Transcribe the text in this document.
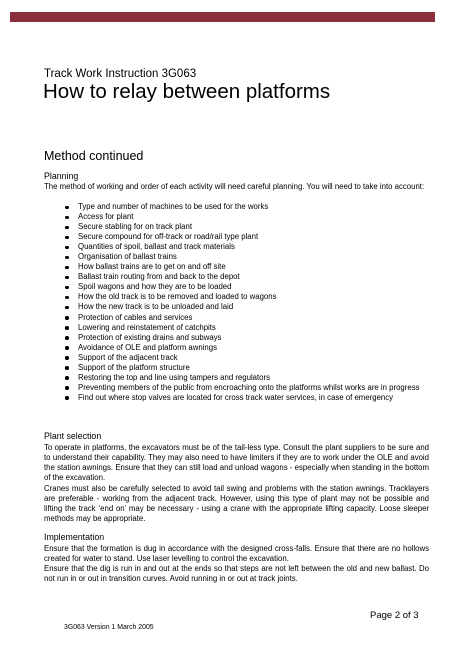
Track Work Instruction 3G063
How to relay between platforms
Method continued
Planning

The method of working and order of each activity will need careful planning. You will need to take into account:

Type and number of machines to be used for the works
Access for plant
Secure stabling for on track plant
Secure compound for off-track or road/rail type plant
Quantities of spoil, ballast and track materials
Organisation of ballast trains
How ballast trains are to get on and off site
Ballast train routing from and back to the depot
Spoil wagons and how they are to be loaded
How the old track is to be removed and loaded to wagons
How the new track is to be unloaded and laid
Protection of cables and services
Lowering and reinstatement of catchpits
Protection of existing drains and subways
Avoidance of OLE and platform awnings
Support of the adjacent track
Support of the platform structure
Restoring the top and line using tampers and regulators
Preventing members of the public from encroaching onto the platforms whilst works are in progress
Find out where stop valves are located for cross track water services, in case of emergency
Plant selection

To operate in platforms, the excavators must be of the tail-less type. Consult the plant suppliers to be sure and to understand their capability. They may also need to have limiters if they are to work under the OLE and avoid the station awnings. Ensure that they can still load and unload wagons - especially when standing in the bottom of the excavation.

Cranes must also be carefully selected to avoid tail swing and problems with the station awnings. Tracklayers are preferable - working from the adjacent track. However, using this type of plant may not be possible and lifting the track ‘end on’ may be necessary - using a crane with the appropriate lifting capacity. Loose sleeper methods may be appropriate.

Implementation

Ensure that the formation is dug in accordance with the designed cross-falls. Ensure that there are no hollows created for water to stand. Use laser levelling to control the excavation.

Ensure that the dig is run in and out at the ends so that steps are not left between the old and new ballast. Do not run in or out in transition curves. Avoid running in or out at track joints.

Page 2 of 3
3G063 Version 1 March 2005
